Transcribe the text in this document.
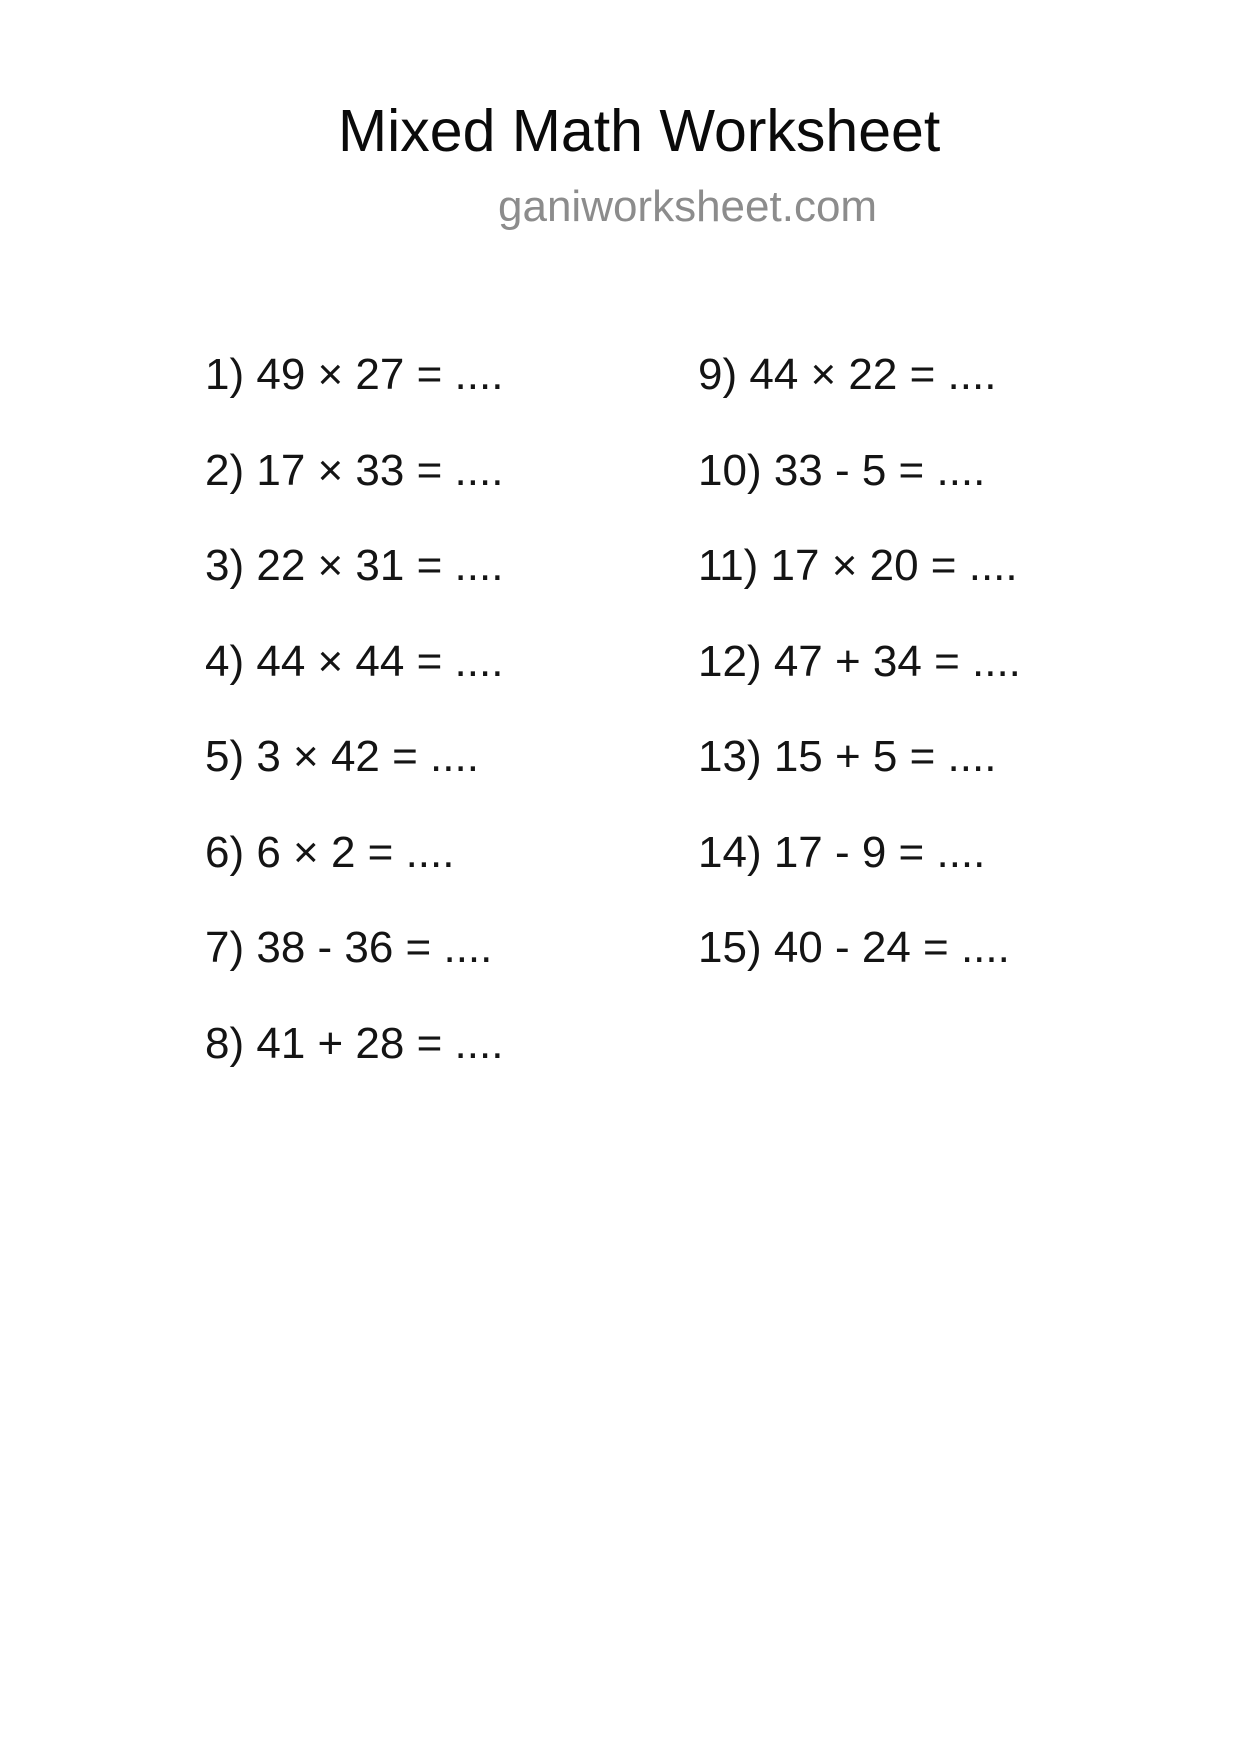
Mixed Math Worksheet
ganiworksheet.com
1) 49 × 27 = ....
2) 17 × 33 = ....
3) 22 × 31 = ....
4) 44 × 44 = ....
5) 3 × 42 = ....
6) 6 × 2 = ....
7) 38 - 36 = ....
8) 41 + 28 = ....
9) 44 × 22 = ....
10) 33 - 5 = ....
11) 17 × 20 = ....
12) 47 + 34 = ....
13) 15 + 5 = ....
14) 17 - 9 = ....
15) 40 - 24 = ....
